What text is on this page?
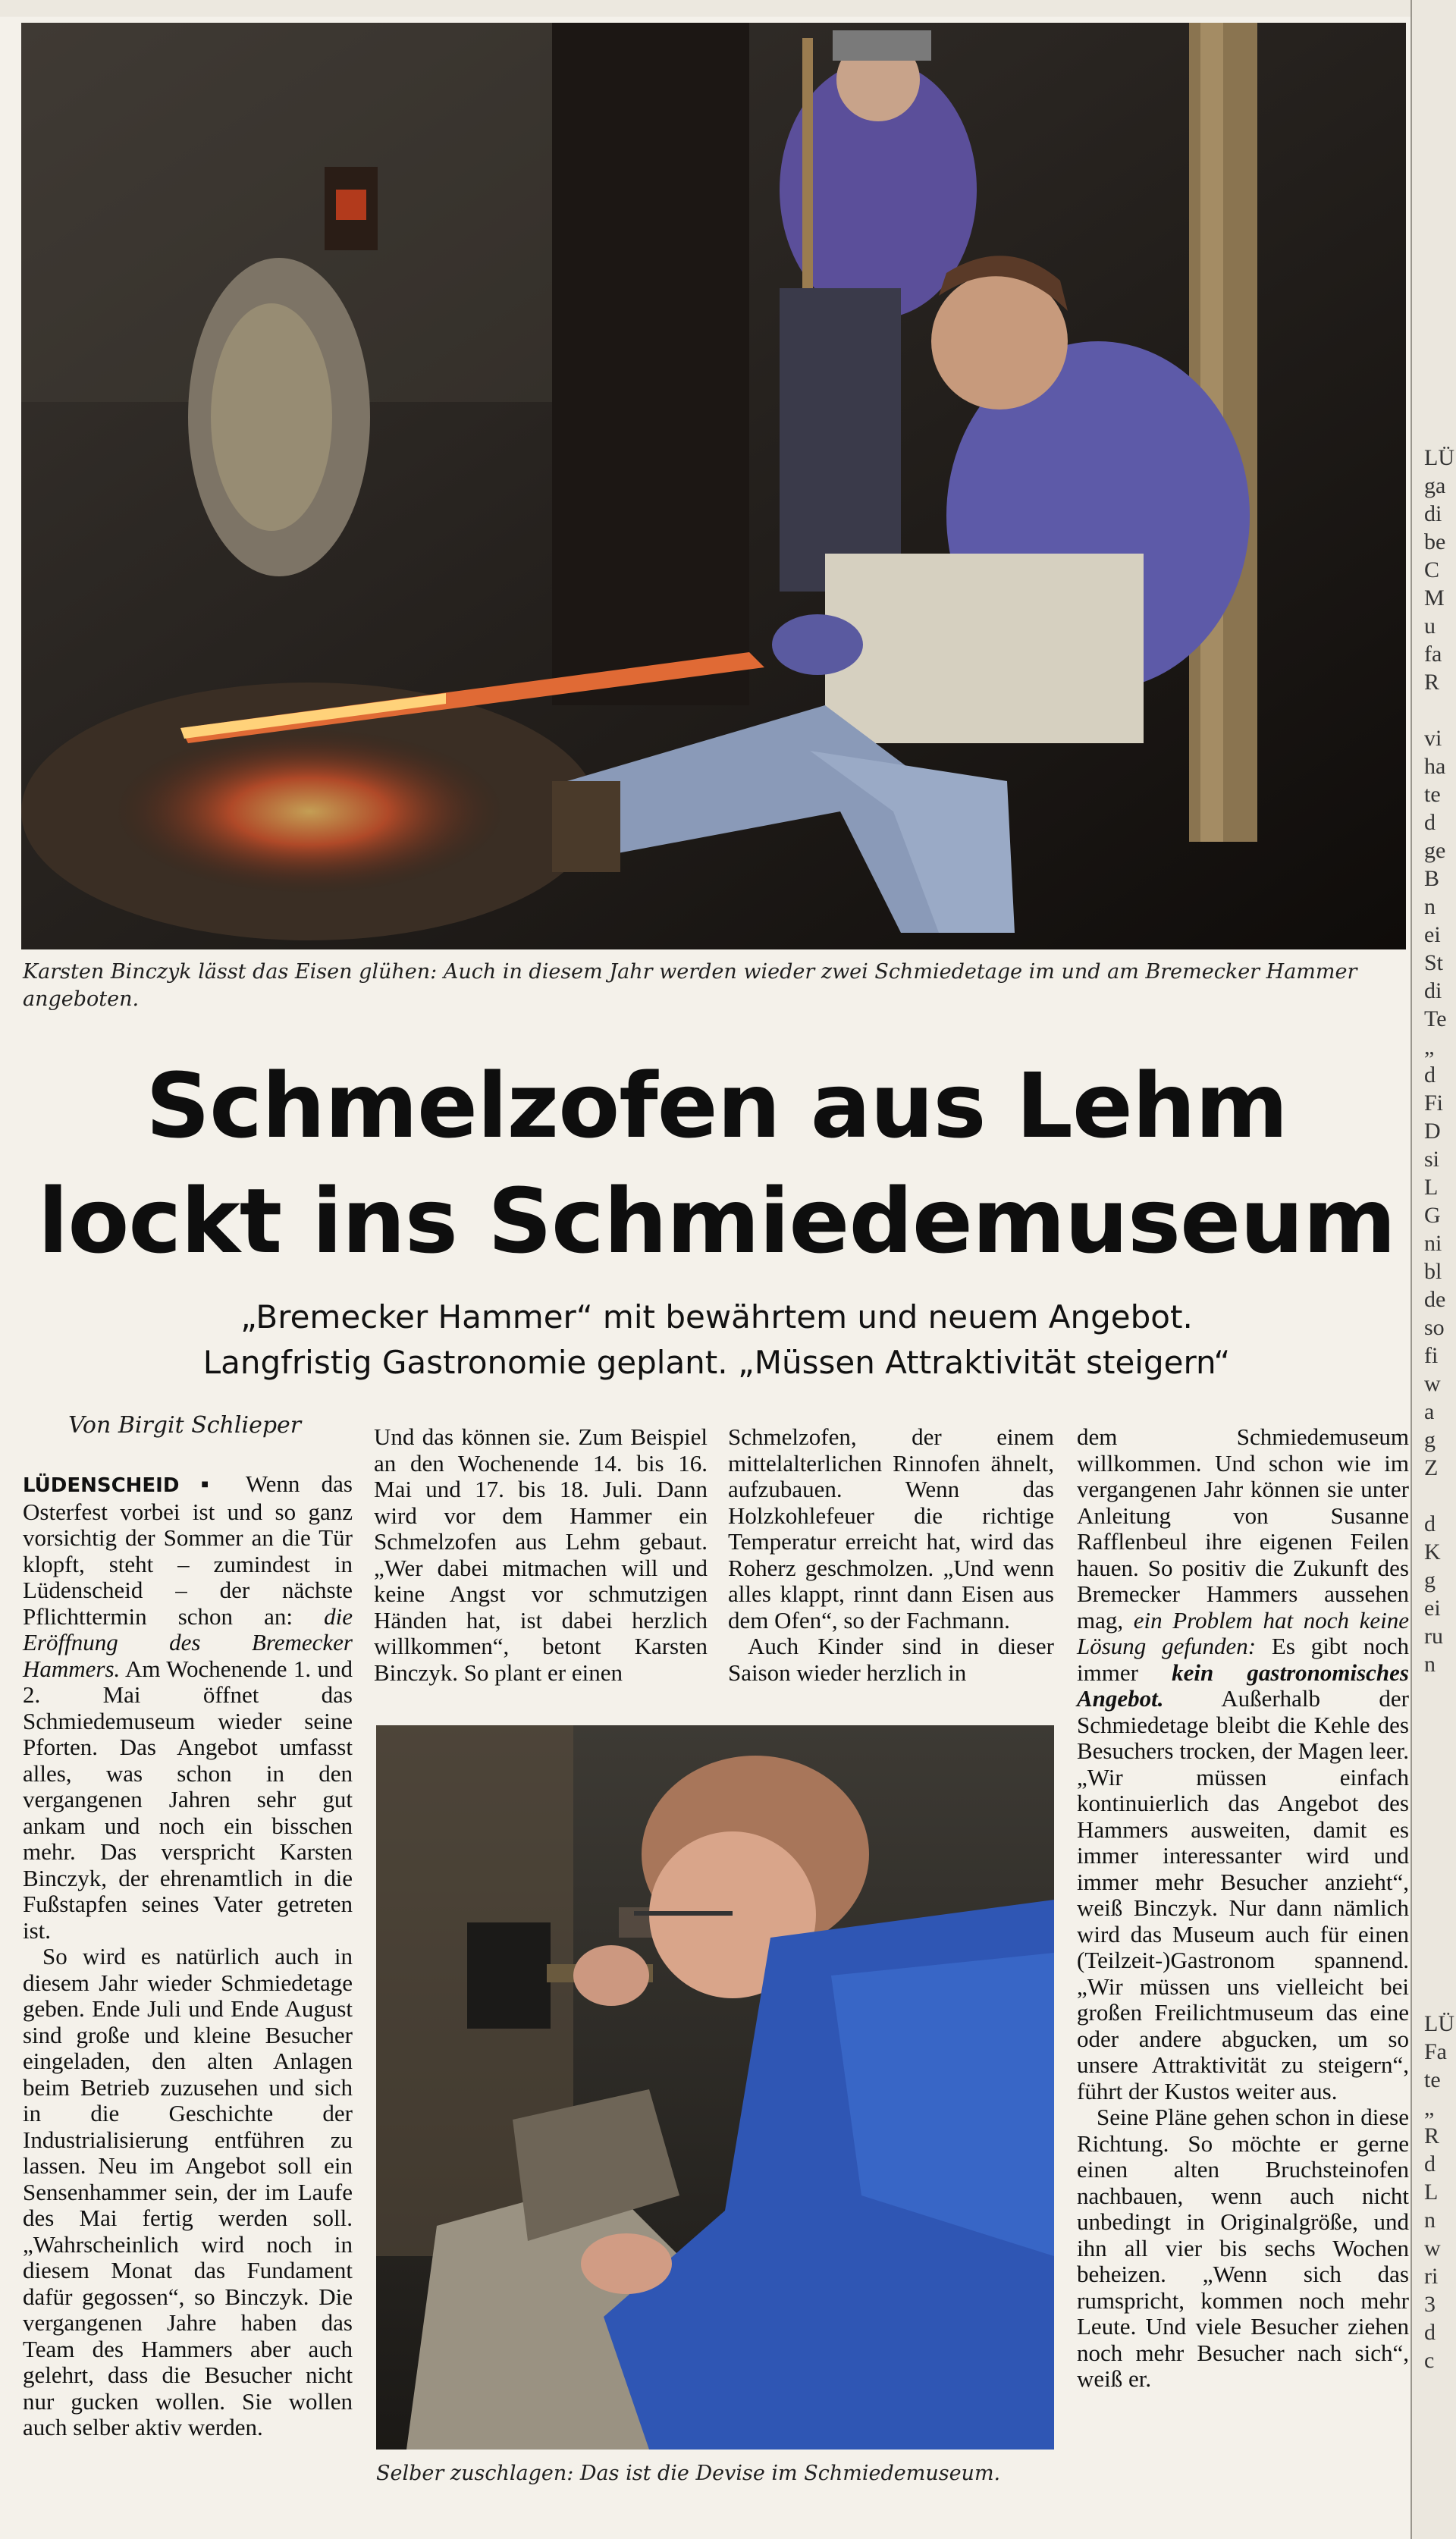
Karsten Binczyk lässt das Eisen glühen: Auch in diesem Jahr werden wieder zwei Schmiedetage im und am Bremecker Hammer angeboten.
Schmelzofen aus Lehm
lockt ins Schmiedemuseum
„Bremecker Hammer“ mit bewährtem und neuem Angebot.
Langfristig Gastronomie geplant. „Müssen Attraktivität steigern“
Von Birgit Schlieper

LÜDENSCHEID ▪ Wenn das Osterfest vorbei ist und so ganz vorsichtig der Sommer an die Tür klopft, steht – zumindest in Lüdenscheid – der nächste Pflichttermin schon an: die Eröffnung des Bremecker Hammers. Am Wochenende 1. und 2. Mai öffnet das Schmiedemuseum wieder seine Pforten. Das Angebot umfasst alles, was schon in den vergangenen Jahren sehr gut ankam und noch ein bisschen mehr. Das verspricht Karsten Binczyk, der ehrenamtlich in die Fußstapfen seines Vater getreten ist.

So wird es natürlich auch in diesem Jahr wieder Schmiedetage geben. Ende Juli und Ende August sind große und kleine Besucher eingeladen, den alten Anlagen beim Betrieb zuzusehen und sich in die Geschichte der Industrialisierung entführen zu lassen. Neu im Angebot soll ein Sensenhammer sein, der im Laufe des Mai fertig werden soll. „Wahrscheinlich wird noch in diesem Monat das Fundament dafür gegossen“, so Binczyk. Die vergangenen Jahre haben das Team des Hammers aber auch gelehrt, dass die Besucher nicht nur gucken wollen. Sie wollen auch selber aktiv werden.

Und das können sie. Zum Beispiel an den Wochenende 14. bis 16. Mai und 17. bis 18. Juli. Dann wird vor dem Hammer ein Schmelzofen aus Lehm gebaut. „Wer dabei mitmachen will und keine Angst vor schmutzigen Händen hat, ist dabei herzlich willkommen“, betont Karsten Binczyk. So plant er einen

Schmelzofen, der einem mittelalterlichen Rinnofen ähnelt, aufzubauen. Wenn das Holzkohlefeuer die richtige Temperatur erreicht hat, wird das Roherz geschmolzen. „Und wenn alles klappt, rinnt dann Eisen aus dem Ofen“, so der Fachmann.

Auch Kinder sind in dieser Saison wieder herzlich in

Selber zuschlagen: Das ist die Devise im Schmiedemuseum.

dem Schmiedemuseum willkommen. Und schon wie im vergangenen Jahr können sie unter Anleitung von Susanne Rafflenbeul ihre eigenen Feilen hauen. So positiv die Zukunft des Bremecker Hammers aussehen mag, ein Problem hat noch keine Lösung gefunden: Es gibt noch immer kein gastronomisches Angebot. Außerhalb der Schmiedetage bleibt die Kehle des Besuchers trocken, der Magen leer. „Wir müssen einfach kontinuierlich das Angebot des Hammers ausweiten, damit es immer interessanter wird und immer mehr Besucher anzieht“, weiß Binczyk. Nur dann nämlich wird das Museum auch für einen (Teilzeit-)Gastronom spannend. „Wir müssen uns vielleicht bei großen Freilichtmuseum das eine oder andere abgucken, um so unsere Attraktivität zu steigern“, führt der Kustos weiter aus.

Seine Pläne gehen schon in diese Richtung. So möchte er gerne einen alten Bruchsteinofen nachbauen, wenn auch nicht unbedingt in Originalgröße, und ihn all vier bis sechs Wochen beheizen. „Wenn sich das rumspricht, kommen noch mehr Leute. Und viele Besucher ziehen noch mehr Besucher nach sich“, weiß er.

LÜ
ga
di
be
C
M
u
fa
R

vi
ha
te
d
ge
B
n
ei
St
di
Te
„
d
Fi
D
si
L
G
ni
bl
de
so
fi
w
a
g
Z

d
K
g
ei
ru
n
LÜ
Fa
te
„
R
d
L
n
w
ri
3
d
c
